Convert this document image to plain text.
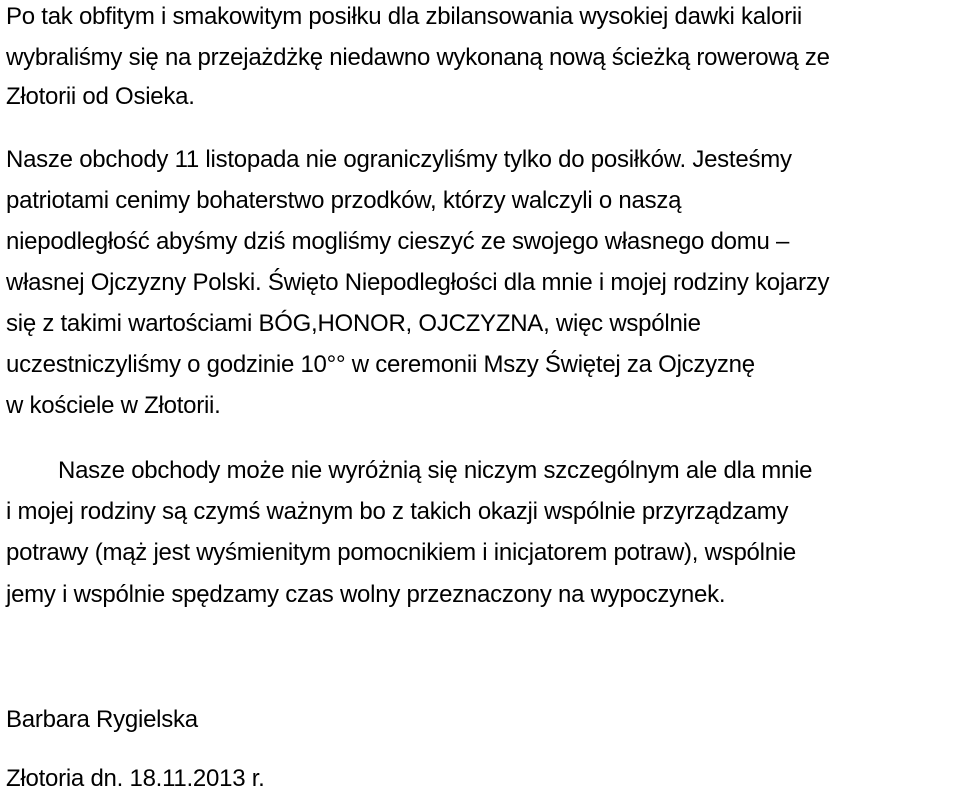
Po tak obfitym i smakowitym posiłku dla zbilansowania wysokiej dawki kalorii
wybraliśmy się na przejażdżkę niedawno wykonaną nową ścieżką rowerową ze
Złotorii od Osieka.
Nasze obchody 11 listopada nie ograniczyliśmy tylko do posiłków. Jesteśmy
patriotami cenimy bohaterstwo przodków, którzy walczyli o naszą
niepodległość abyśmy dziś mogliśmy cieszyć ze swojego własnego domu –
własnej Ojczyzny Polski. Święto Niepodległości dla mnie i mojej rodziny kojarzy
się z takimi wartościami BÓG,HONOR, OJCZYZNA, więc wspólnie
uczestniczyliśmy o godzinie 10°° w ceremonii Mszy Świętej za Ojczyznę
w kościele w Złotorii.
Nasze obchody może nie wyróżnią się niczym szczególnym ale dla mnie
i mojej rodziny są czymś ważnym bo z takich okazji wspólnie przyrządzamy
potrawy (mąż jest wyśmienitym pomocnikiem i inicjatorem potraw), wspólnie
jemy i wspólnie spędzamy czas wolny przeznaczony na wypoczynek.
Barbara Rygielska
Złotoria dn. 18.11.2013 r.
